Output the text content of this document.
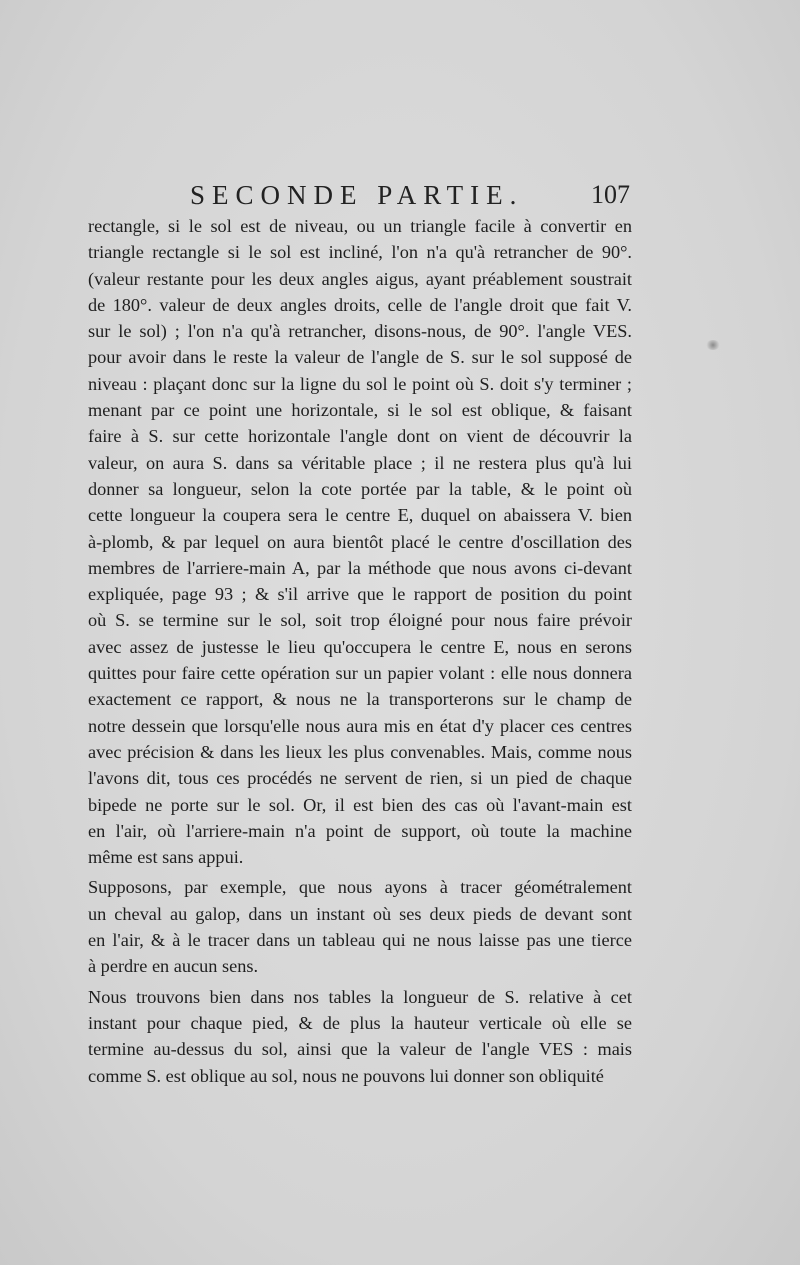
SECONDE PARTIE.	107

rectangle, si le sol est de niveau, ou un triangle facile à convertir en
triangle rectangle si le sol est incliné, l'on n'a qu'à retrancher de 90°.
(valeur restante pour les deux angles aigus, ayant préablement soustrait
de 180°. valeur de deux angles droits, celle de l'angle droit que fait V.
sur le sol) ; l'on n'a qu'à retrancher, disons-nous, de 90°. l'angle VES.
pour avoir dans le reste la valeur de l'angle de S. sur le sol supposé de
niveau : plaçant donc sur la ligne du sol le point où S. doit s'y terminer ;
menant par ce point une horizontale, si le sol est oblique, & faisant
faire à S. sur cette horizontale l'angle dont on vient de découvrir la
valeur, on aura S. dans sa véritable place ; il ne restera plus qu'à lui
donner sa longueur, selon la cote portée par la table, & le point où
cette longueur la coupera sera le centre E, duquel on abaissera V. bien
à-plomb, & par lequel on aura bientôt placé le centre d'oscillation des
membres de l'arriere-main A, par la méthode que nous avons ci-devant
expliquée, page 93 ; & s'il arrive que le rapport de position du point
où S. se termine sur le sol, soit trop éloigné pour nous faire prévoir
avec assez de justesse le lieu qu'occupera le centre E, nous en serons
quittes pour faire cette opération sur un papier volant : elle nous donnera
exactement ce rapport, & nous ne la transporterons sur le champ de
notre dessein que lorsqu'elle nous aura mis en état d'y placer ces centres
avec précision & dans les lieux les plus convenables. Mais, comme nous
l'avons dit, tous ces procédés ne servent de rien, si un pied de chaque
bipede ne porte sur le sol. Or, il est bien des cas où l'avant-main est
en l'air, où l'arriere-main n'a point de support, où toute la machine
même est sans appui.

Supposons, par exemple, que nous ayons à tracer géométralement
un cheval au galop, dans un instant où ses deux pieds de devant sont
en l'air, & à le tracer dans un tableau qui ne nous laisse pas une tierce
à perdre en aucun sens.

Nous trouvons bien dans nos tables la longueur de S. relative à cet
instant pour chaque pied, & de plus la hauteur verticale où elle se
termine au-dessus du sol, ainsi que la valeur de l'angle VES : mais
comme S. est oblique au sol, nous ne pouvons lui donner son obliquité
